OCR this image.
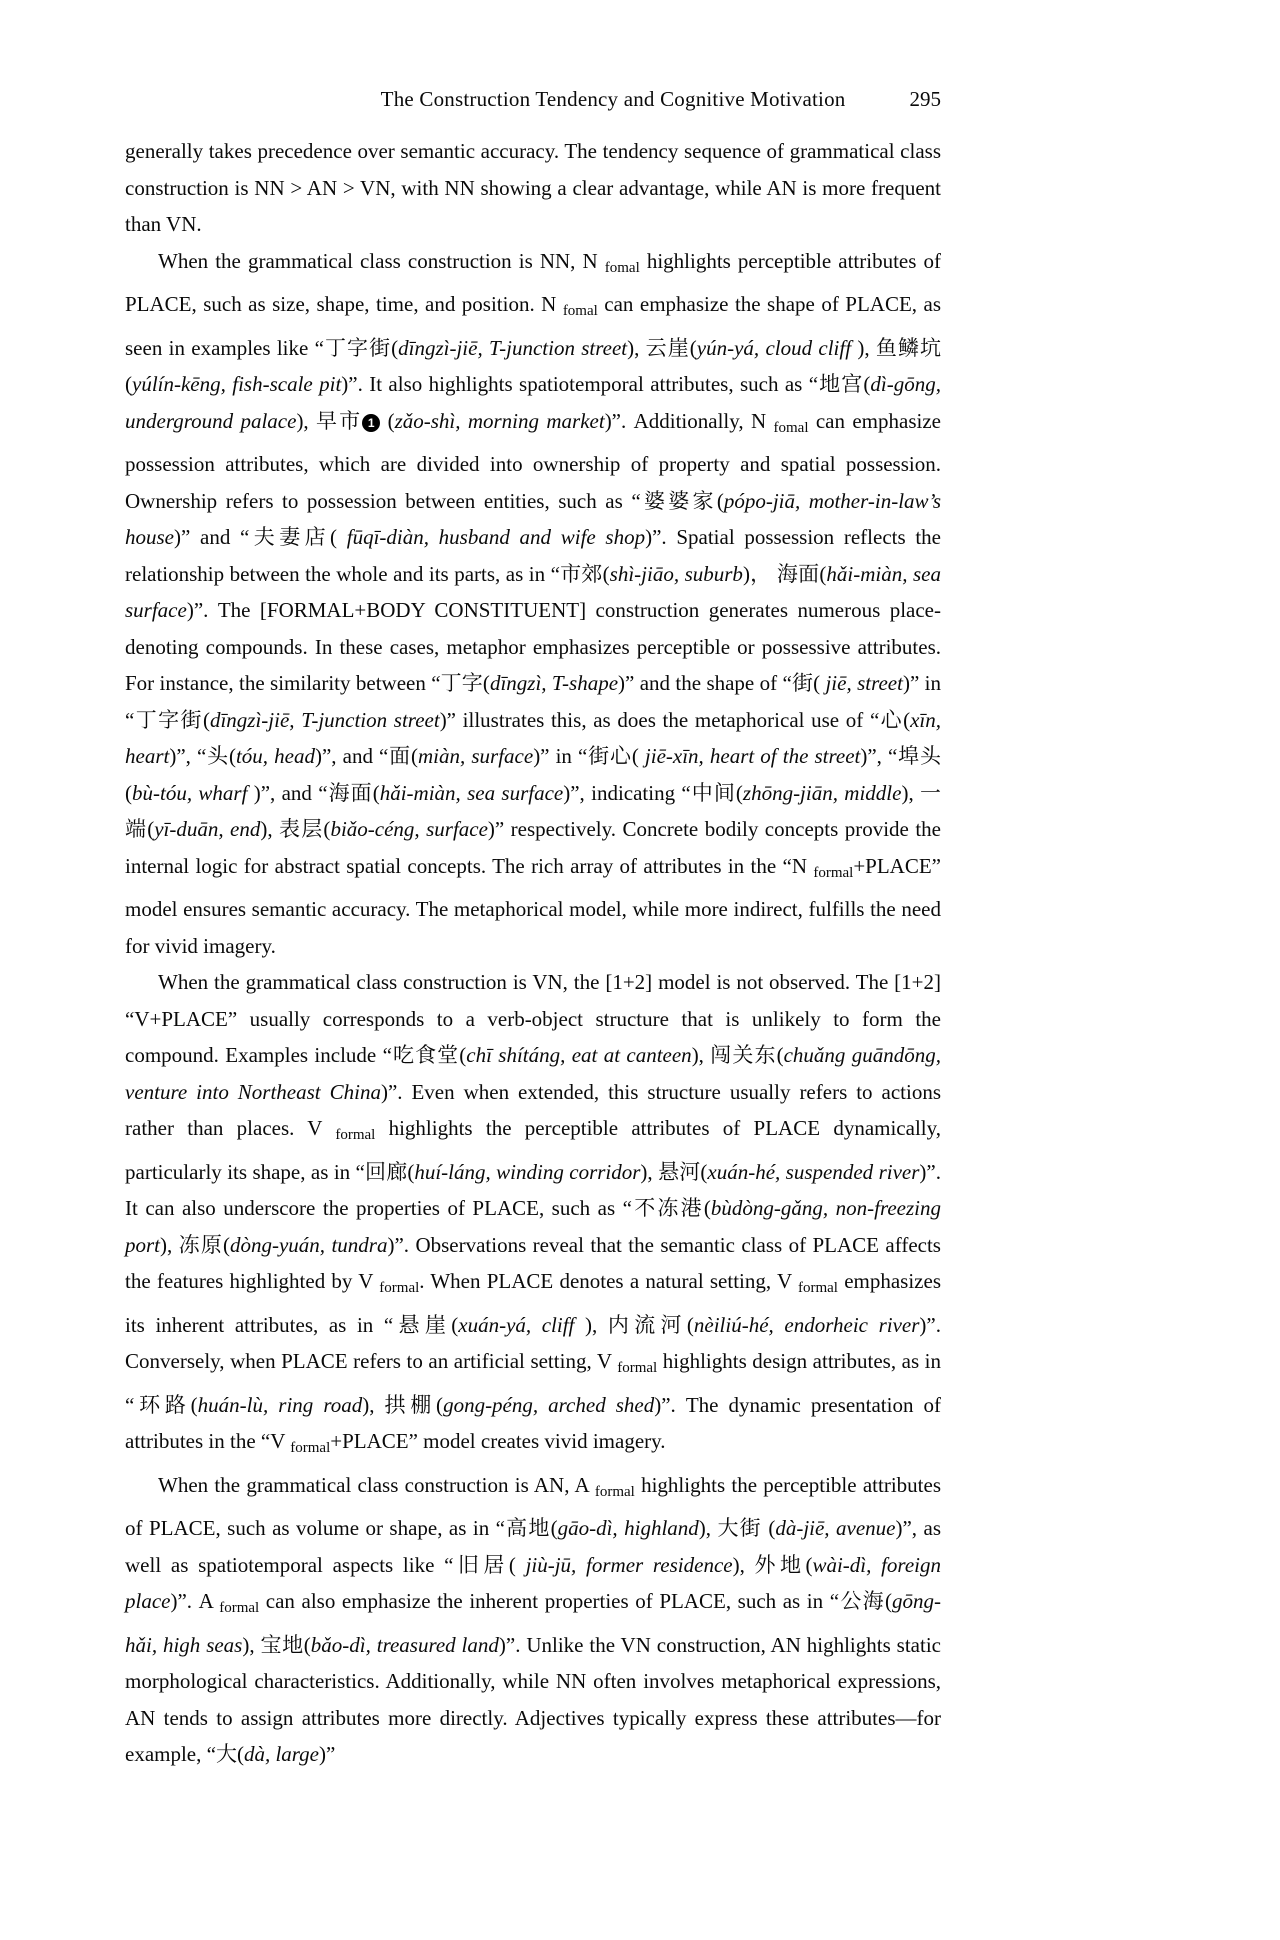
The Construction Tendency and Cognitive Motivation	295

generally takes precedence over semantic accuracy. The tendency sequence of grammatical class construction is NN > AN > VN, with NN showing a clear advantage, while AN is more frequent than VN.

When the grammatical class construction is NN, N fomal highlights perceptible attributes of PLACE, such as size, shape, time, and position. N fomal can emphasize the shape of PLACE, as seen in examples like “丁字街(dīngzì-jiē, T-junction street), 云崖(yún-yá, cloud cliff ), 鱼鳞坑(yúlín-kēng, fish-scale pit)”. It also highlights spatiotemporal attributes, such as “地宫(dì-gōng, underground palace), 早市 1 (zǎo-shì, morning market)”. Additionally, N fomal can emphasize possession attributes, which are divided into ownership of property and spatial possession. Ownership refers to possession between entities, such as “婆婆家(pópo-jiā, mother-in-law’s house)” and “夫妻店( fūqī-diàn, husband and wife shop)”. Spatial possession reflects the relationship between the whole and its parts, as in “市郊(shì-jiāo, suburb)， 海面(hǎi-miàn, sea surface)”. The [FORMAL+BODY CONSTITUENT] construction generates numerous place-denoting compounds. In these cases, metaphor emphasizes perceptible or possessive attributes. For instance, the similarity between “丁字(dīngzì, T-shape)” and the shape of “街( jiē, street)” in “丁字街(dīngzì-jiē, T-junction street)” illustrates this, as does the metaphorical use of “心(xīn, heart)”, “头(tóu, head)”, and “面(miàn, surface)” in “街心( jiē-xīn, heart of the street)”, “埠头(bù-tóu, wharf )”, and “海面(hǎi-miàn, sea surface)”, indicating “中间(zhōng-jiān, middle), 一端(yī-duān, end), 表层(biǎo-céng, surface)” respectively. Concrete bodily concepts provide the internal logic for abstract spatial concepts. The rich array of attributes in the “N formal+PLACE” model ensures semantic accuracy. The metaphorical model, while more indirect, fulfills the need for vivid imagery.

When the grammatical class construction is VN, the [1+2] model is not observed. The [1+2] “V+PLACE” usually corresponds to a verb-object structure that is unlikely to form the compound. Examples include “吃食堂(chī shítáng, eat at canteen), 闯关东(chuǎng guāndōng, venture into Northeast China)”. Even when extended, this structure usually refers to actions rather than places. V formal highlights the perceptible attributes of PLACE dynamically, particularly its shape, as in “回廊(huí-láng, winding corridor), 悬河(xuán-hé, suspended river)”. It can also underscore the properties of PLACE, such as “不冻港(bùdòng-gǎng, non-freezing port), 冻原(dòng-yuán, tundra)”. Observations reveal that the semantic class of PLACE affects the features highlighted by V formal. When PLACE denotes a natural setting, V formal emphasizes its inherent attributes, as in “悬崖(xuán-yá, cliff ), 内流河(nèiliú-hé, endorheic river)”. Conversely, when PLACE refers to an artificial setting, V formal highlights design attributes, as in “环路(huán-lù, ring road), 拱棚(gong-péng, arched shed)”. The dynamic presentation of attributes in the “V formal+PLACE” model creates vivid imagery.

When the grammatical class construction is AN, A formal highlights the perceptible attributes of PLACE, such as volume or shape, as in “高地(gāo-dì, highland), 大街 (dà-jiē, avenue)”, as well as spatiotemporal aspects like “旧居( jiù-jū, former residence), 外地(wài-dì, foreign place)”. A formal can also emphasize the inherent properties of PLACE, such as in “公海(gōng-hǎi, high seas), 宝地(bǎo-dì, treasured land)”. Unlike the VN construction, AN highlights static morphological characteristics. Additionally, while NN often involves metaphorical expressions, AN tends to assign attributes more directly. Adjectives typically express these attributes—for example, “大(dà, large)”
